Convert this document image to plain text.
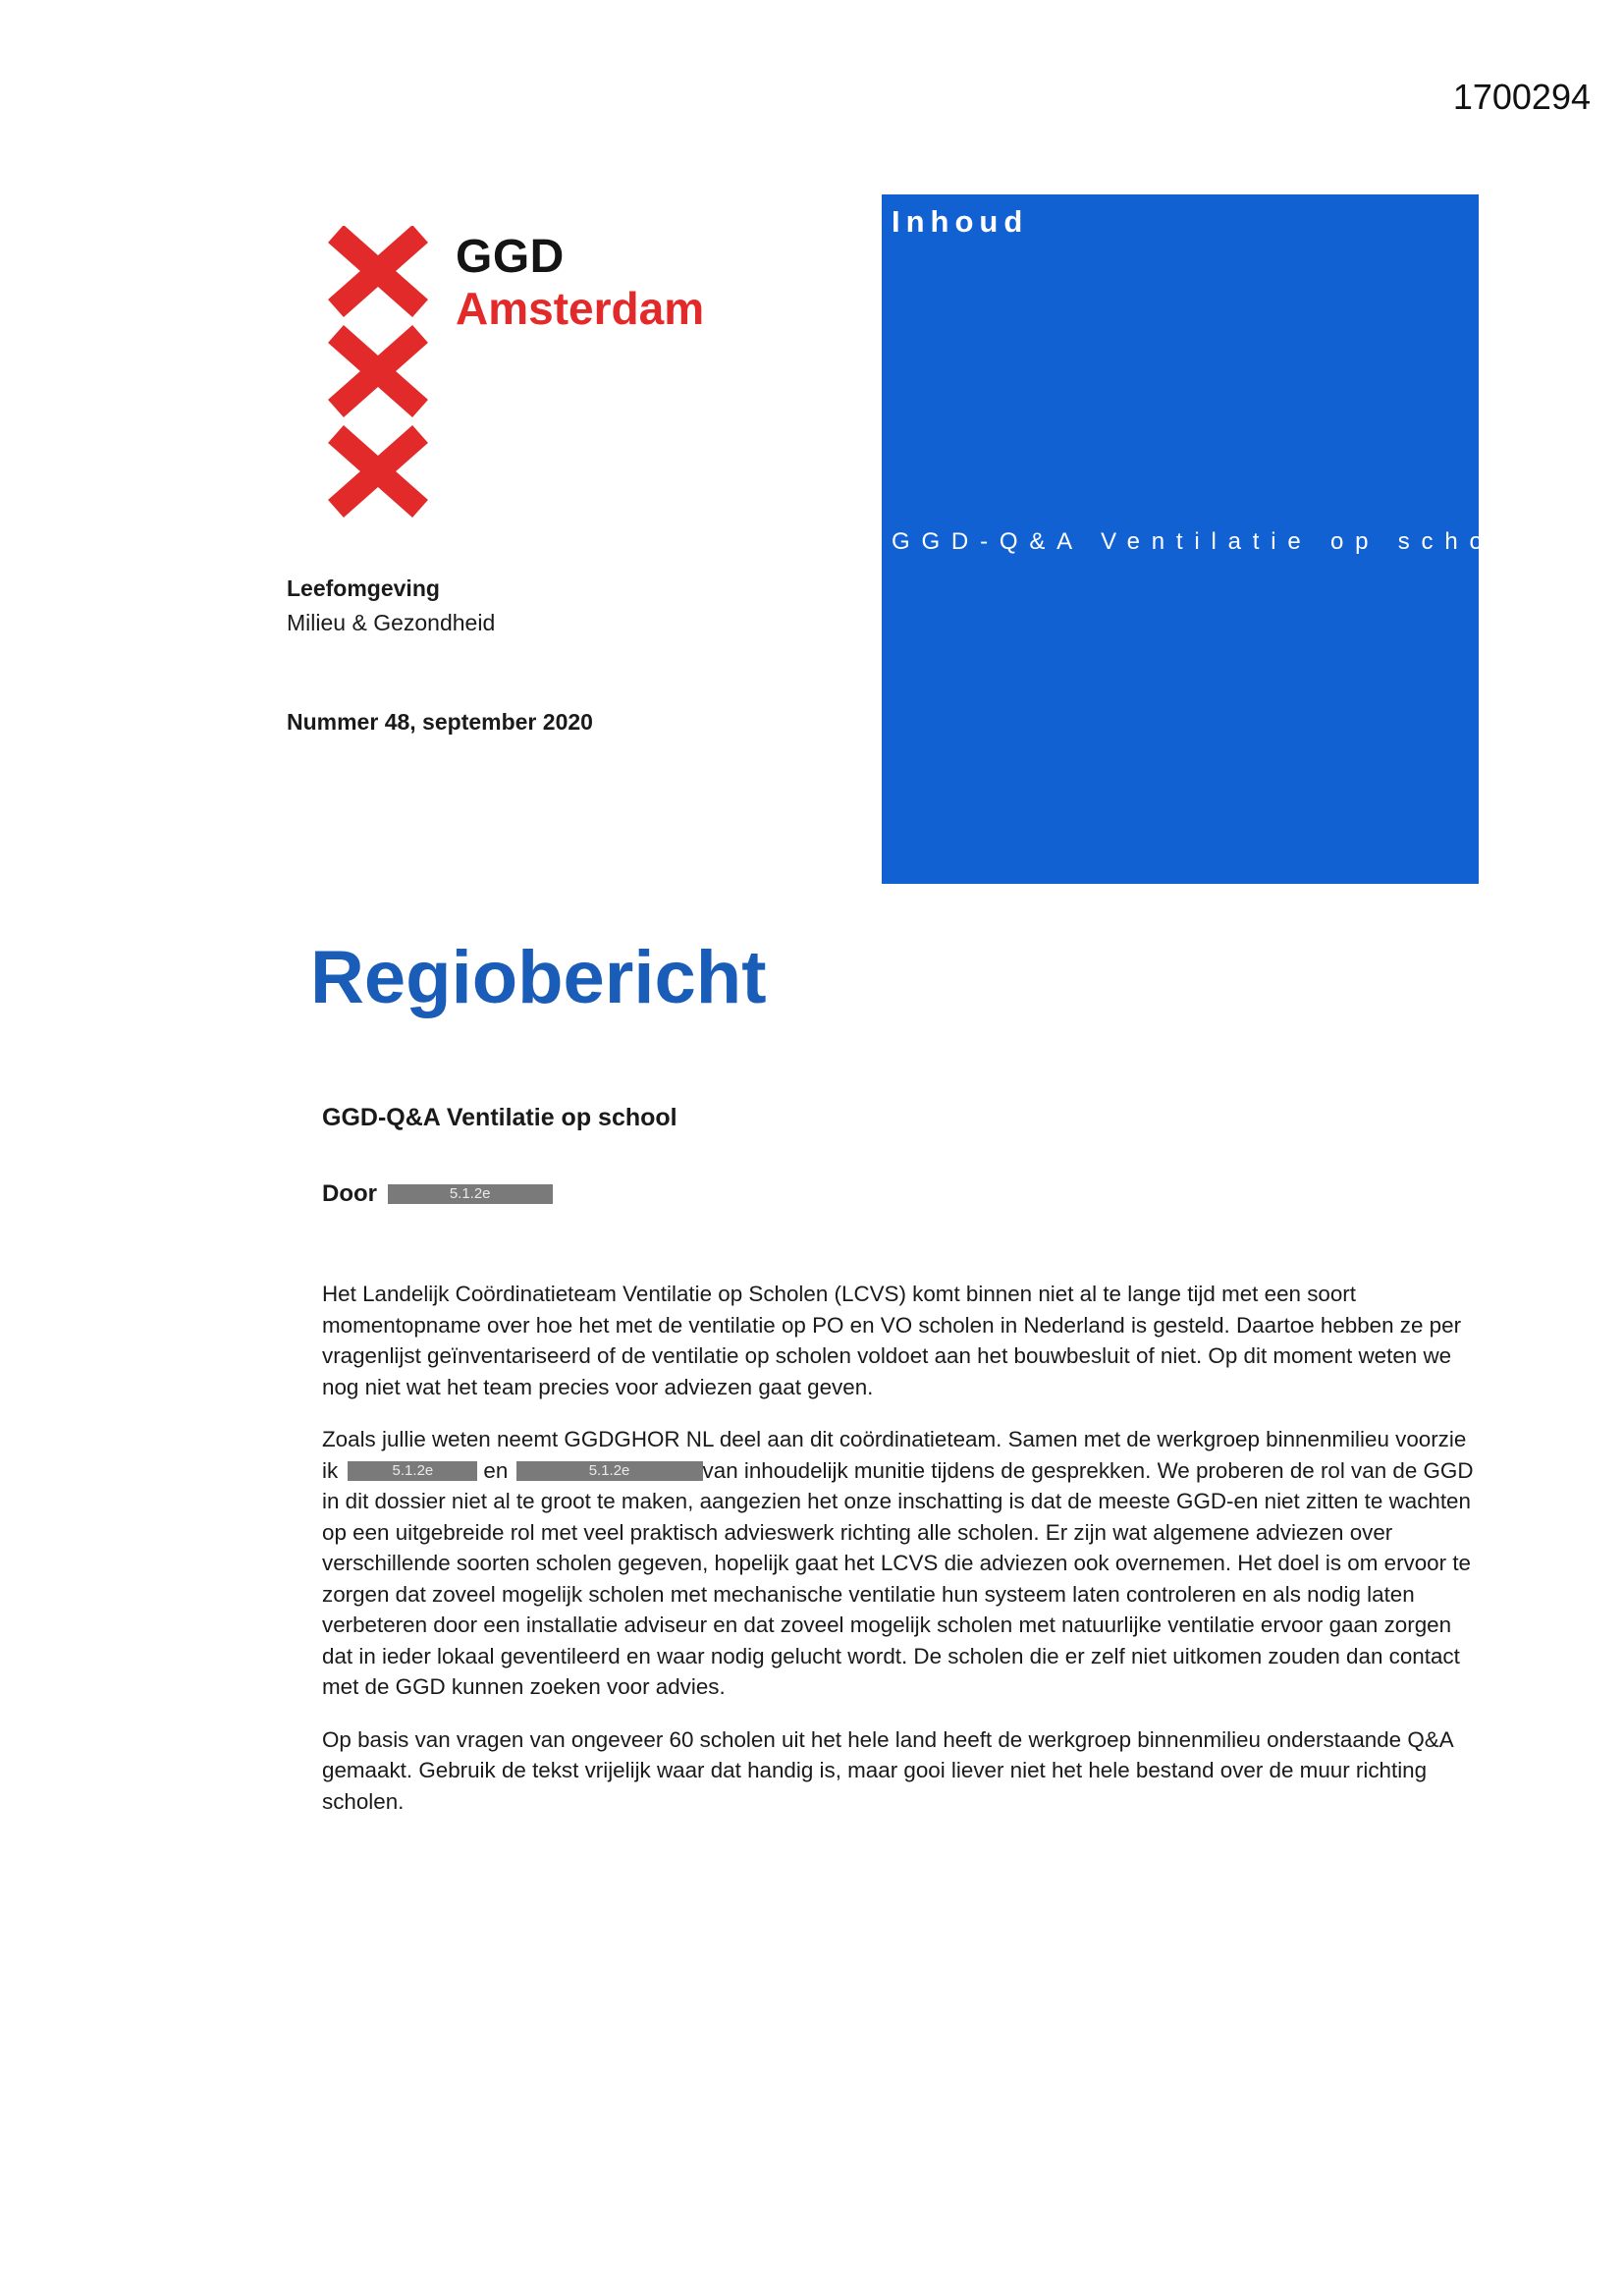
1700294
GGD
Amsterdam
Leefomgeving
Milieu & Gezondheid
Nummer 48, september 2020
Inhoud
GGD-Q&A Ventilatie op school
Regiobericht
GGD-Q&A Ventilatie op school
Door	5.1.2e

Het Landelijk Coördinatieteam Ventilatie op Scholen (LCVS) komt binnen niet al te lange tijd met een soort momentopname over hoe het met de ventilatie op PO en VO scholen in Nederland is gesteld. Daartoe hebben ze per vragenlijst geïnventariseerd of de ventilatie op scholen voldoet aan het bouwbesluit of niet. Op dit moment weten we nog niet wat het team precies voor adviezen gaat geven.

Zoals jullie weten neemt GGDGHOR NL deel aan dit coördinatieteam. Samen met de werkgroep binnenmilieu voorzie ik	5.1.2e en	5.1.2e	van inhoudelijk munitie tijdens de gesprekken. We proberen de rol van de GGD in dit dossier niet al te groot te maken, aangezien het onze inschatting is dat de meeste GGD-en niet zitten te wachten op een uitgebreide rol met veel praktisch advieswerk richting alle scholen. Er zijn wat algemene adviezen over verschillende soorten scholen gegeven, hopelijk gaat het LCVS die adviezen ook overnemen. Het doel is om ervoor te zorgen dat zoveel mogelijk scholen met mechanische ventilatie hun systeem laten controleren en als nodig laten verbeteren door een installatie adviseur en dat zoveel mogelijk scholen met natuurlijke ventilatie ervoor gaan zorgen dat in ieder lokaal geventileerd en waar nodig gelucht wordt. De scholen die er zelf niet uitkomen zouden dan contact met de GGD kunnen zoeken voor advies.

Op basis van vragen van ongeveer 60 scholen uit het hele land heeft de werkgroep binnenmilieu onderstaande Q&A gemaakt. Gebruik de tekst vrijelijk waar dat handig is, maar gooi liever niet het hele bestand over de muur richting scholen.
